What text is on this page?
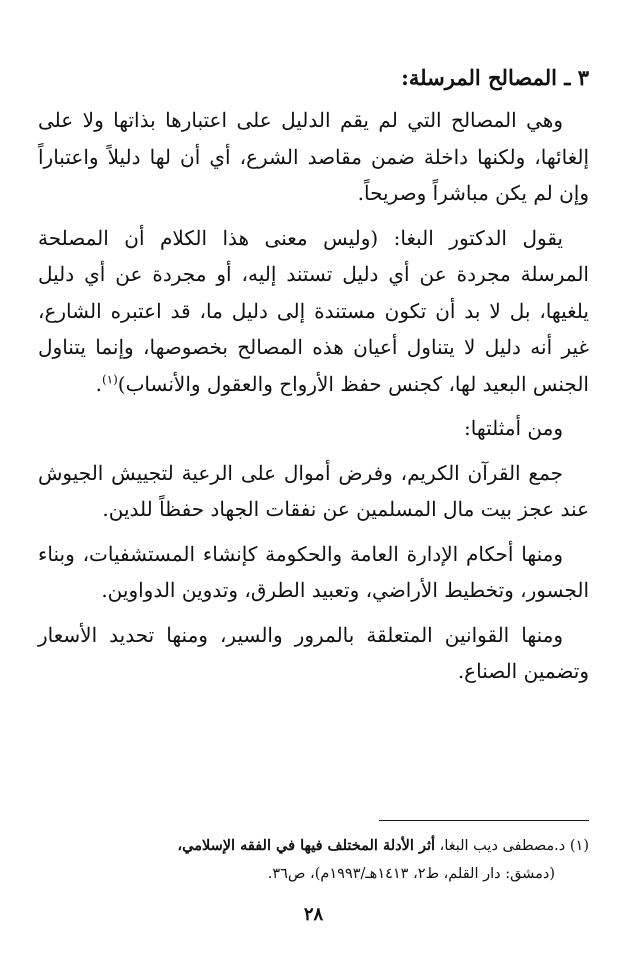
٣ ـ المصالح المرسلة:

وهي المصالح التي لم يقم الدليل على اعتبارها بذاتها ولا على إلغائها، ولكنها داخلة ضمن مقاصد الشرع، أي أن لها دليلاً واعتباراً وإن لم يكن مباشراً وصريحاً.

يقول الدكتور البغا: (وليس معنى هذا الكلام أن المصلحة المرسلة مجردة عن أي دليل تستند إليه، أو مجردة عن أي دليل يلغيها، بل لا بد أن تكون مستندة إلى دليل ما، قد اعتبره الشارع، غير أنه دليل لا يتناول أعيان هذه المصالح بخصوصها، وإنما يتناول الجنس البعيد لها، كجنس حفظ الأرواح والعقول والأنساب)$^{(١)}$.

ومن أمثلتها:

جمع القرآن الكريم، وفرض أموال على الرعية لتجييش الجيوش عند عجز بيت مال المسلمين عن نفقات الجهاد حفظاً للدين.

ومنها أحكام الإدارة العامة والحكومة كإنشاء المستشفيات، وبناء الجسور، وتخطيط الأراضي، وتعبيد الطرق، وتدوين الدواوين.

ومنها القوانين المتعلقة بالمرور والسير، ومنها تحديد الأسعار وتضمين الصناع.

(١) د.مصطفى ديب البغا، أثر الأدلة المختلف فيها في الفقه الإسلامي،
(دمشق: دار القلم، ط٢، ١٤١٣هـ/١٩٩٣م)، ص٣٦.
٢٨
